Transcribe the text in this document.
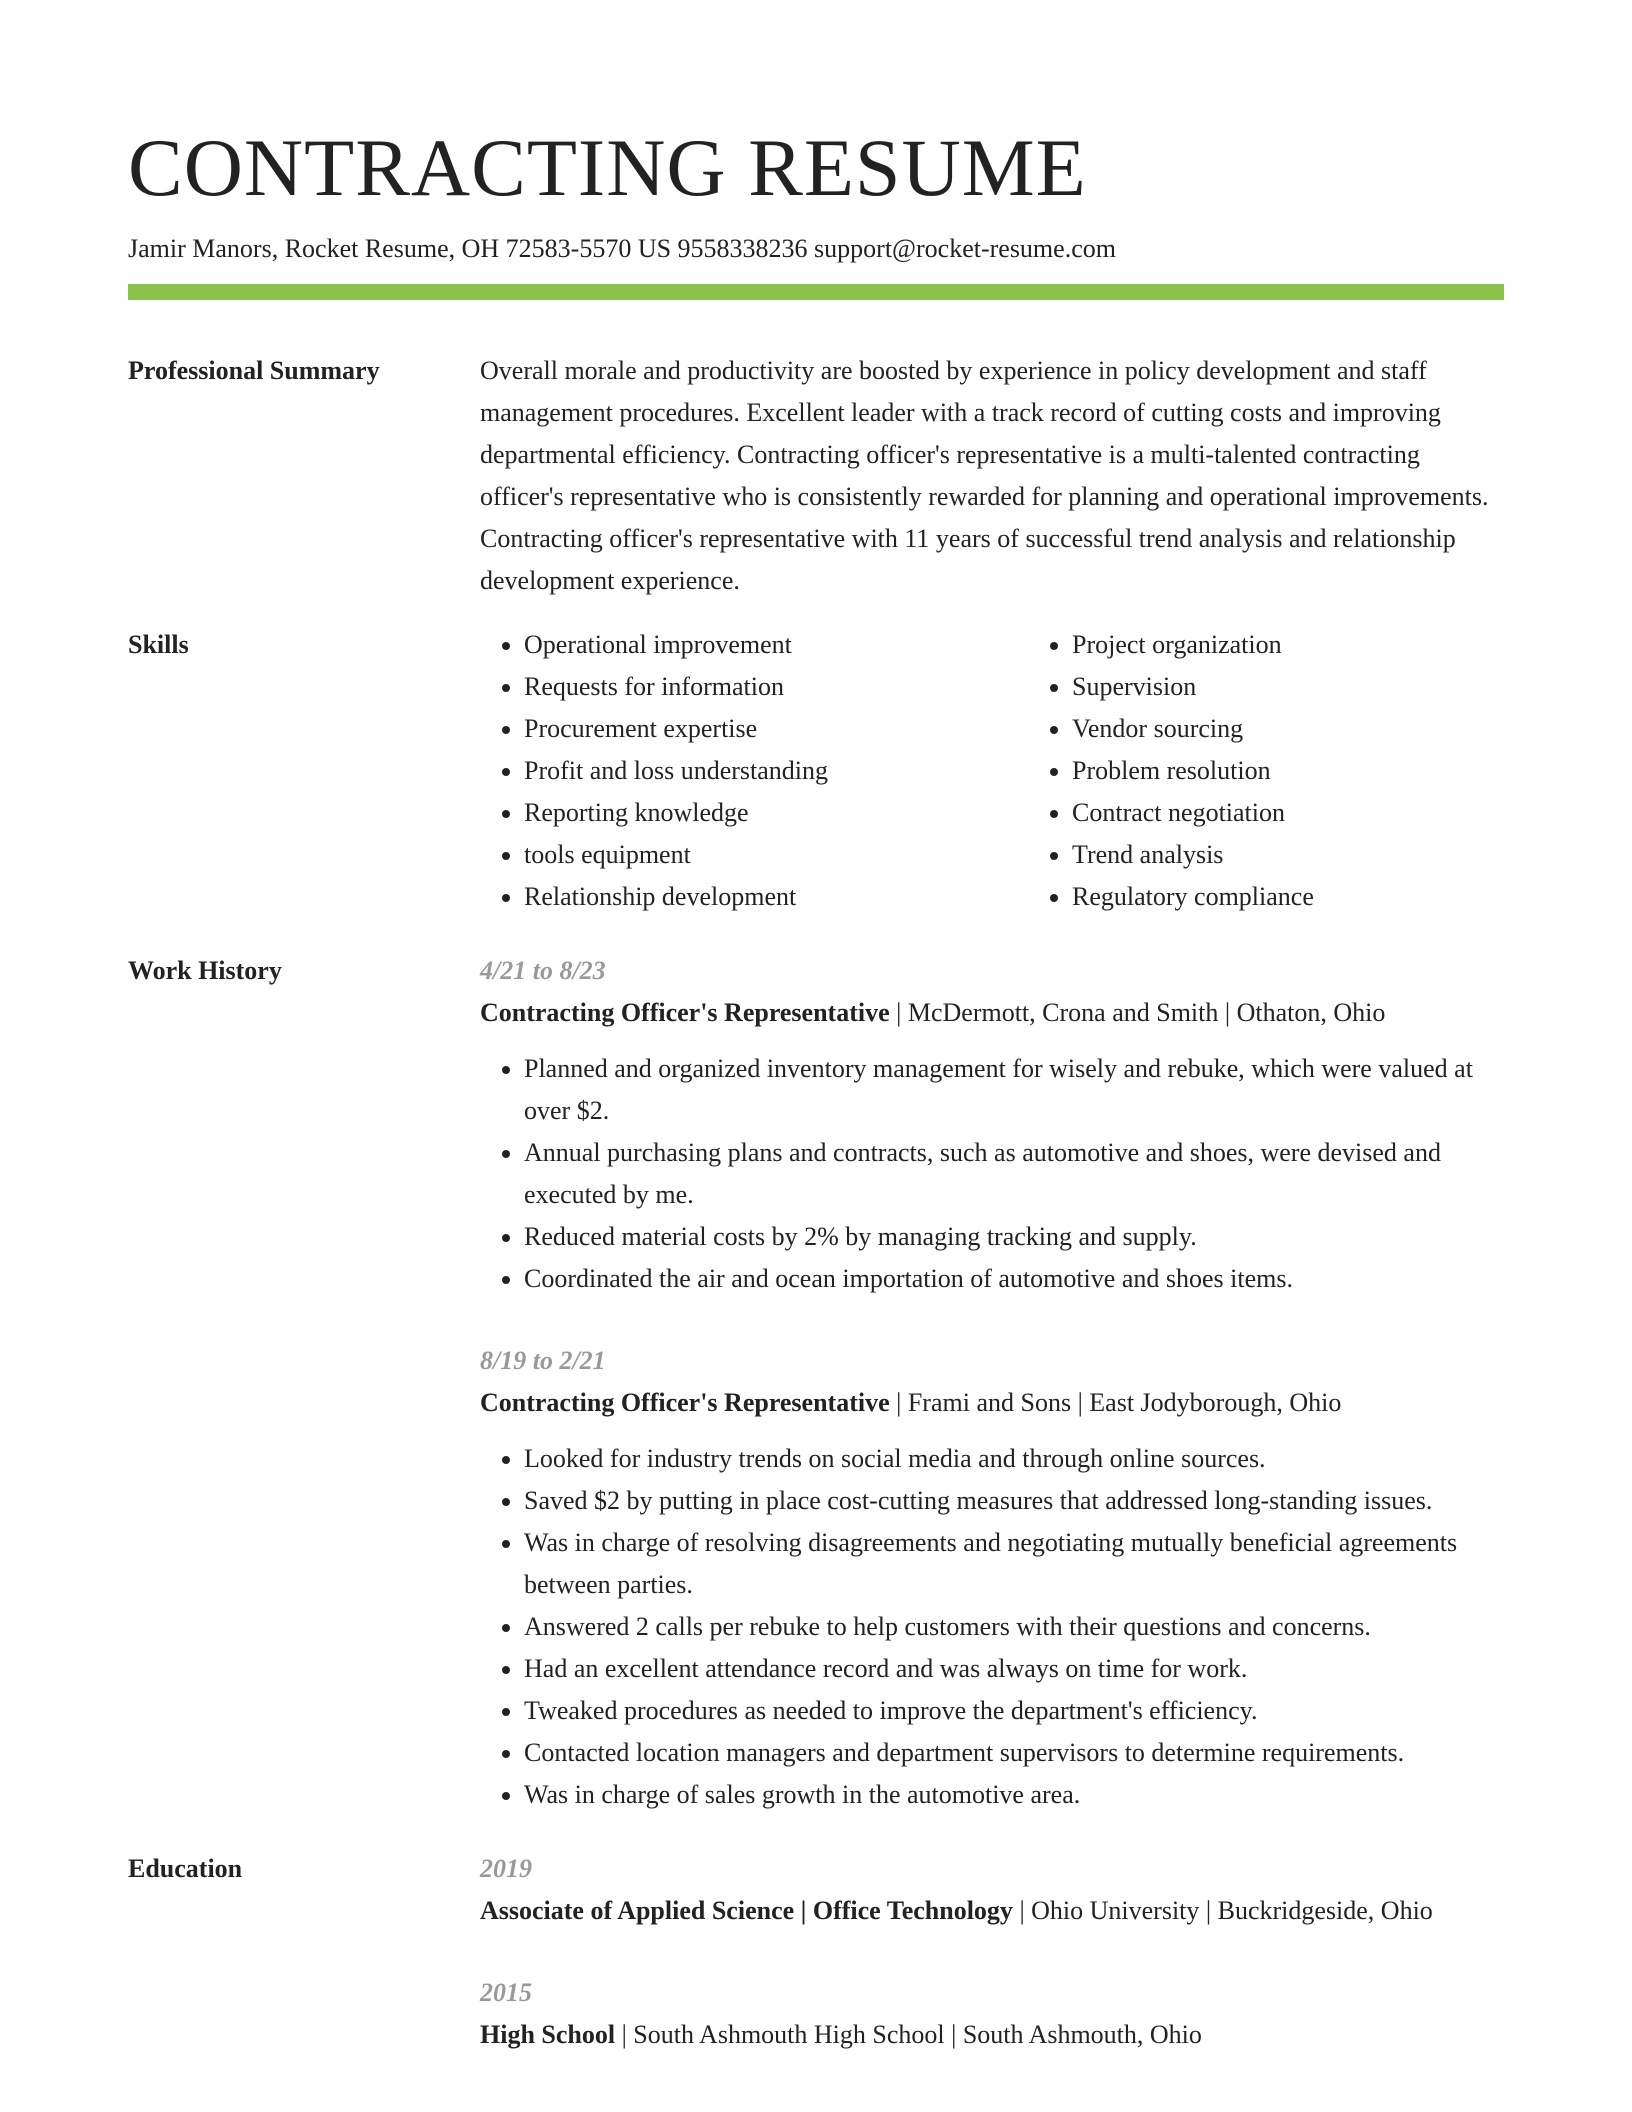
CONTRACTING RESUME
Jamir Manors, Rocket Resume, OH 72583-5570 US 9558338236 support@rocket-resume.com
Professional Summary	Overall morale and productivity are boosted by experience in policy development and staff management procedures. Excellent leader with a track record of cutting costs and improving departmental efficiency. Contracting officer's representative is a multi-talented contracting officer's representative who is consistently rewarded for planning and operational improvements. Contracting officer's representative with 11 years of successful trend analysis and relationship development experience.

Skills
•	Operational improvement
• Requests for information
• Procurement expertise
• Profit and loss understanding
• Reporting knowledge
• tools equipment
• Relationship development
• Project organization
• Supervision
• Vendor sourcing
• Problem resolution
• Contract negotiation
• Trend analysis
• Regulatory compliance
Work History	4/21 to 8/23
Contracting Officer's Representative | McDermott, Crona and Smith | Othaton, Ohio
• Planned and organized inventory management for wisely and rebuke, which were valued at over $2.
• Annual purchasing plans and contracts, such as automotive and shoes, were devised and executed by me.
• Reduced material costs by 2% by managing tracking and supply.
• Coordinated the air and ocean importation of automotive and shoes items.
8/19 to 2/21
Contracting Officer's Representative | Frami and Sons | East Jodyborough, Ohio
• Looked for industry trends on social media and through online sources.
• Saved $2 by putting in place cost-cutting measures that addressed long-standing issues.
• Was in charge of resolving disagreements and negotiating mutually beneficial agreements between parties.
• Answered 2 calls per rebuke to help customers with their questions and concerns.
• Had an excellent attendance record and was always on time for work.
• Tweaked procedures as needed to improve the department's efficiency.
• Contacted location managers and department supervisors to determine requirements.
• Was in charge of sales growth in the automotive area.
Education	2019
Associate of Applied Science | Office Technology | Ohio University | Buckridgeside, Ohio
2015
High School | South Ashmouth High School | South Ashmouth, Ohio
